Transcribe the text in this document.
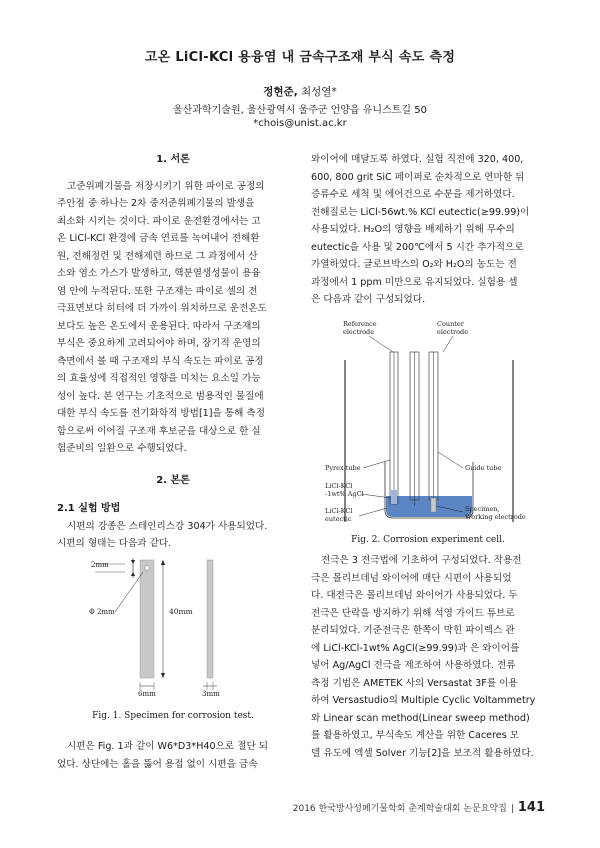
고온 LiCl-KCl 용융염 내 금속구조재 부식 속도 측정
정현준, 최성열*
울산과학기술원, 울산광역시 울주군 언양읍 유니스트길 50
*chois@unist.ac.kr

1. 서론

고준위폐기물을 저장시키기 위한 파이로 공정의

주안점 중 하나는 2차 중저준위폐기물의 발생을

최소화 시키는 것이다. 파이로 운전환경에서는 고

온 LiCl-KCl 환경에 금속 연료를 녹여내어 전해환

원, 전해정련 및 전해제련 하므로 그 과정에서 산

소와 염소 가스가 발생하고, 핵분열생성물이 용융

염 안에 누적된다. 또한 구조재는 파이로 셀의 전

극표면보다 히터에 더 가까이 위치하므로 운전온도

보다도 높은 온도에서 운용된다. 따라서 구조재의

부식은 중요하게 고려되어야 하며, 장기적 운영의

측면에서 볼 때 구조재의 부식 속도는 파이로 공정

의 효율성에 직접적인 영향을 미치는 요소일 가능

성이 높다. 본 연구는 기초적으로 범용적인 물질에

대한 부식 속도를 전기화학적 방법[1]을 통해 측정

함으로써 이어질 구조재 후보군을 대상으로 한 실

험준비의 일환으로 수행되었다.

2. 본론

2.1 실험 방법

시편의 강종은 스테인리스강 304가 사용되었다.

시편의 형태는 다음과 같다.

2mm
Φ 2mm	40mm
6mm	3mm
Fig. 1. Specimen for corrosion test.

시편은 Fig. 1과 같이 W6*D3*H40으로 절단 되

었다. 상단에는 홀을 뚫어 용접 없이 시편을 금속

와이어에 매달도록 하였다. 실험 직전에 320, 400,

600, 800 grit SiC 페이퍼로 순차적으로 연마한 뒤

증류수로 세척 및 에어건으로 수분을 제거하였다.

전해질로는 LiCl-56wt.% KCl eutectic(≥99.99)이

사용되었다. H₂O의 영향을 배제하기 위해 무수의

eutectic을 사용 및 200℃에서 5 시간 추가적으로

가열하였다. 글로브박스의 O₂와 H₂O의 농도는 전

과정에서 1 ppm 미만으로 유지되었다. 실험용 셀

은 다음과 같이 구성되었다.

Reference
electrode
Counter
electrode
Pyrex tube	Guide tube
LiCl-KCl
-1wt% AgCl
LiCl-KCl
eutectic
Specimen,
Working electrode
Fig. 2. Corrosion experiment cell.

전극은 3 전극법에 기초하여 구성되었다. 작용전

극은 몰리브데넘 와이어에 매단 시편이 사용되었

다. 대전극은 몰리브데넘 와이어가 사용되었다. 두

전극은 단락을 방지하기 위해 석영 가이드 튜브로

분리되었다. 기준전극은 한쪽이 막힌 파이렉스 관

에 LiCl-KCl-1wt% AgCl(≥99.99)과 은 와이어를

넣어 Ag/AgCl 전극을 제조하여 사용하였다. 전류

측정 기법은 AMETEK 사의 Versastat 3F를 이용

하여 Versastudio의 Multiple Cyclic Voltammetry

와 Linear scan method(Linear sweep method)

를 활용하였고, 부식속도 계산을 위한 Caceres 모

델 유도에 엑셀 Solver 기능[2]을 보조적 활용하였다.

2016 한국방사성폐기물학회 춘계학술대회 논문요약집 | 141
